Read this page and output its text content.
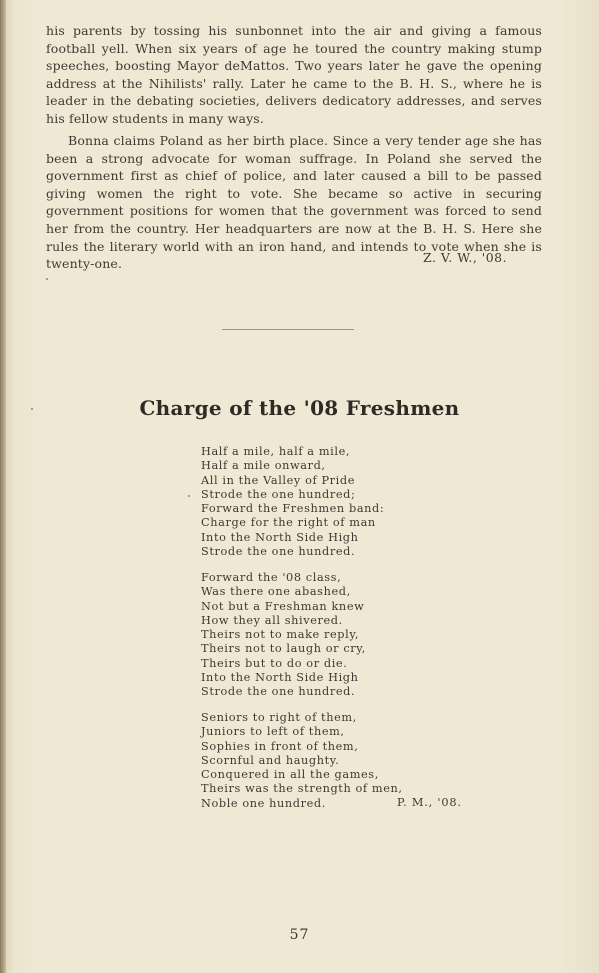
his parents by tossing his sunbonnet into the air and giving a famous football yell. When six years of age he toured the country making stump speeches, boosting Mayor deMattos. Two years later he gave the opening address at the Nihilists' rally. Later he came to the B. H. S., where he is leader in the debating societies, delivers dedicatory addresses, and serves his fellow students in many ways.

Bonna claims Poland as her birth place. Since a very tender age she has been a strong advocate for woman suffrage. In Poland she served the government first as chief of police, and later caused a bill to be passed giving women the right to vote. She became so active in securing government positions for women that the government was forced to send her from the country. Her headquarters are now at the B. H. S. Here she rules the literary world with an iron hand, and intends to vote when she is twenty-one.	Z. V. W., '08.
Charge of the '08 Freshmen
Half a mile, half a mile,
Half a mile onward,
All in the Valley of Pride
Strode the one hundred;
Forward the Freshmen band:
Charge for the right of man
Into the North Side High
Strode the one hundred.
Forward the '08 class,
Was there one abashed,
Not but a Freshman knew
How they all shivered.
Theirs not to make reply,
Theirs not to laugh or cry,
Theirs but to do or die.
Into the North Side High
Strode the one hundred.
Seniors to right of them,
Juniors to left of them,
Sophies in front of them,
Scornful and haughty.
Conquered in all the games,
Theirs was the strength of men,
Noble one hundred.	P. M., '08.
57
